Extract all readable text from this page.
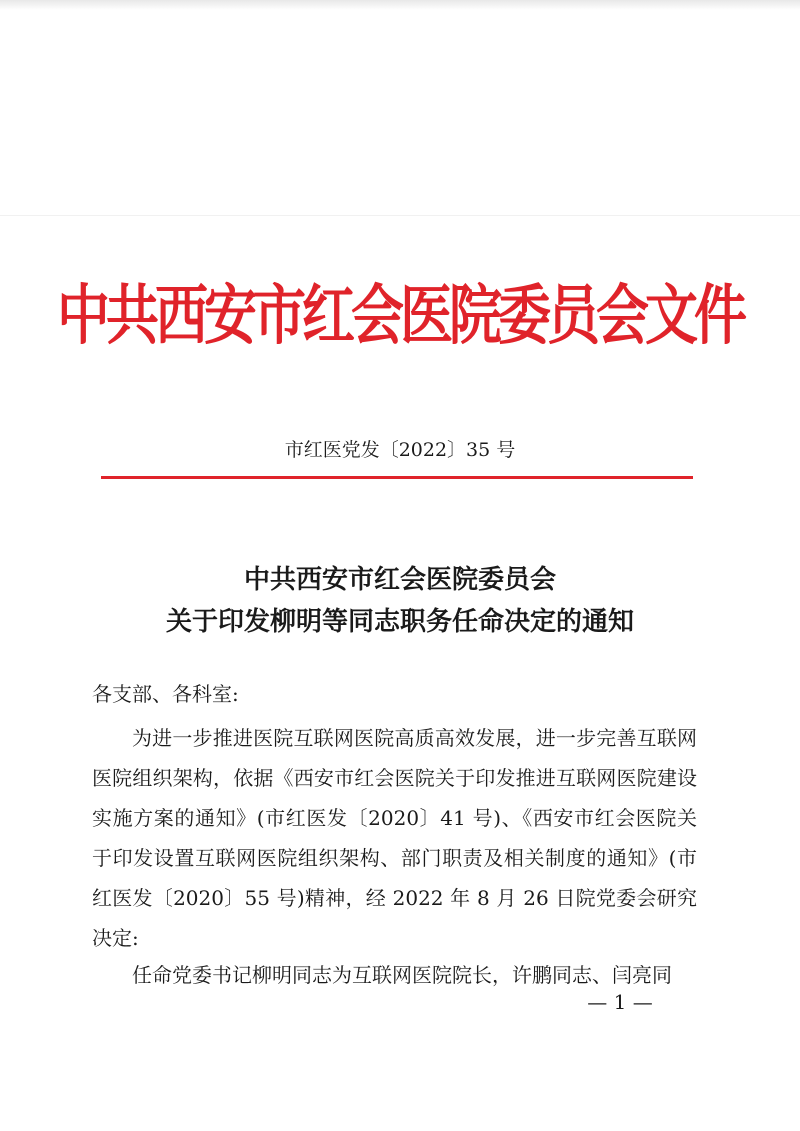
中共西安市红会医院委员会文件
市红医党发〔2022〕35 号
中共西安市红会医院委员会
关于印发柳明等同志职务任命决定的通知
各支部、各科室:
为进一步推进医院互联网医院高质高效发展，进一步完善互联网医院组织架构，依据《西安市红会医院关于印发推进互联网医院建设实施方案的通知》(市红医发〔2020〕41 号)、《西安市红会医院关于印发设置互联网医院组织架构、部门职责及相关制度的通知》(市红医发〔2020〕55 号)精神，经 2022 年 8 月 26 日院党委会研究决定:
任命党委书记柳明同志为互联网医院院长，许鹏同志、闫亮同
— 1 —
